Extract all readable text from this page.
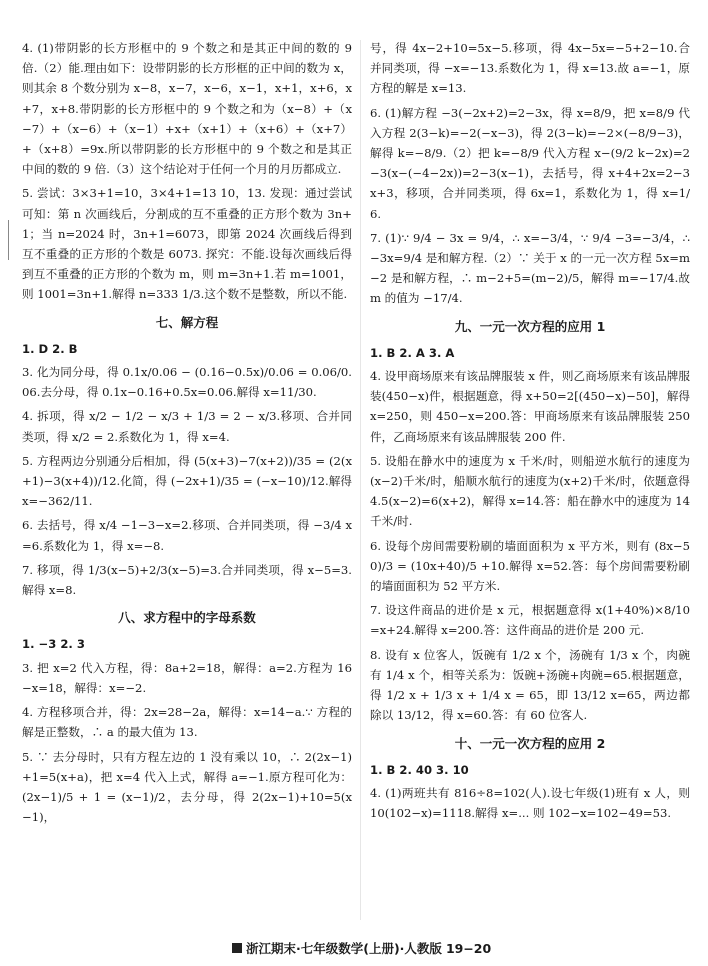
4. (1)带阴影的长方形框中的 9 个数之和是其正中间的数的 9 倍.（2）能.理由如下：设带阴影的长方形框的正中间的数为 x，则其余 8 个数分别为 x−8，x−7，x−6，x−1，x+1，x+6，x+7，x+8.带阴影的长方形框中的 9 个数之和为（x−8）+（x−7）+（x−6）+（x−1）+x+（x+1）+（x+6）+（x+7）+（x+8）=9x.所以带阴影的长方形框中的 9 个数之和是其正中间的数的 9 倍.（3）这个结论对于任何一个月的月历都成立.
5. 尝试：3×3+1=10，3×4+1=13 10，13. 发现：通过尝试可知：第 n 次画线后，分割成的互不重叠的正方形个数为 3n+1；当 n=2024 时，3n+1=6073，即第 2024 次画线后得到互不重叠的正方形的个数是 6073. 探究：不能.设每次画线后得到互不重叠的正方形的个数为 m，则 m=3n+1.若 m=1001，则 1001=3n+1.解得 n=333 1/3.这个数不是整数，所以不能.
七、解方程
1. D 2. B
3. 化为同分母，得 0.1x/0.06 − (0.16−0.5x)/0.06 = 0.06/0.06.去分母，得 0.1x−0.16+0.5x=0.06.解得 x=11/30.
4. 拆项，得 x/2 − 1/2 − x/3 + 1/3 = 2 − x/3.移项、合并同类项，得 x/2 = 2.系数化为 1，得 x=4.
5. 方程两边分别通分后相加，得 (5(x+3)−7(x+2))/35 = (2(x+1)−3(x+4))/12.化简，得 (−2x+1)/35 = (−x−10)/12.解得 x=−362/11.
6. 去括号，得 x/4 −1−3−x=2.移项、合并同类项，得 −3/4 x=6.系数化为 1，得 x=−8.
7. 移项，得 1/3(x−5)+2/3(x−5)=3.合并同类项，得 x−5=3.解得 x=8.
八、求方程中的字母系数
1. −3 2. 3
3. 把 x=2 代入方程，得：8a+2=18，解得：a=2.方程为 16−x=18，解得：x=−2.
4. 方程移项合并，得：2x=28−2a，解得：x=14−a.∵ 方程的解是正整数，∴ a 的最大值为 13.
5. ∵ 去分母时，只有方程左边的 1 没有乘以 10，∴ 2(2x−1)+1=5(x+a)，把 x=4 代入上式，解得 a=−1.原方程可化为：(2x−1)/5 + 1 = (x−1)/2，去分母，得 2(2x−1)+10=5(x−1)，
号，得 4x−2+10=5x−5.移项，得 4x−5x=−5+2−10.合并同类项，得 −x=−13.系数化为 1，得 x=13.故 a=−1，原方程的解是 x=13.
6. (1)解方程 −3(−2x+2)=2−3x，得 x=8/9，把 x=8/9 代入方程 2(3−k)=−2(−x−3)，得 2(3−k)=−2×(−8/9−3)，解得 k=−8/9.（2）把 k=−8/9 代入方程 x−(9/2 k−2x)=2−3(x−(−4−2x))=2−3(x−1)，去括号，得 x+4+2x=2−3x+3，移项，合并同类项，得 6x=1，系数化为 1，得 x=1/6.
7. (1)∵ 9/4 − 3x = 9/4，∴ x=−3/4，∵ 9/4 −3=−3/4，∴ −3x=9/4 是和解方程.（2）∵ 关于 x 的一元一次方程 5x=m−2 是和解方程，∴ m−2+5=(m−2)/5，解得 m=−17/4.故 m 的值为 −17/4.
九、一元一次方程的应用 1
1. B 2. A 3. A
4. 设甲商场原来有该品牌服装 x 件，则乙商场原来有该品牌服装(450−x)件，根据题意，得 x+50=2[(450−x)−50]，解得 x=250，则 450−x=200.答：甲商场原来有该品牌服装 250 件，乙商场原来有该品牌服装 200 件.
5. 设船在静水中的速度为 x 千米/时，则船逆水航行的速度为(x−2)千米/时，船顺水航行的速度为(x+2)千米/时，依题意得 4.5(x−2)=6(x+2)，解得 x=14.答：船在静水中的速度为 14 千米/时.
6. 设每个房间需要粉刷的墙面面积为 x 平方米，则有 (8x−50)/3 = (10x+40)/5 +10.解得 x=52.答：每个房间需要粉刷的墙面面积为 52 平方米.
7. 设这件商品的进价是 x 元，根据题意得 x(1+40%)×8/10=x+24.解得 x=200.答：这件商品的进价是 200 元.
8. 设有 x 位客人，饭碗有 1/2 x 个，汤碗有 1/3 x 个，肉碗有 1/4 x 个，相等关系为：饭碗+汤碗+肉碗=65.根据题意，得 1/2 x + 1/3 x + 1/4 x = 65，即 13/12 x=65，两边都除以 13/12，得 x=60.答：有 60 位客人.
十、一元一次方程的应用 2
1. B 2. 40 3. 10
4. (1)两班共有 816÷8=102(人).设七年级(1)班有 x 人，则 10(102−x)=1118.解得 x=... 则 102−x=102−49=53.
浙江期末·七年级数学(上册)·人教版 19−20
